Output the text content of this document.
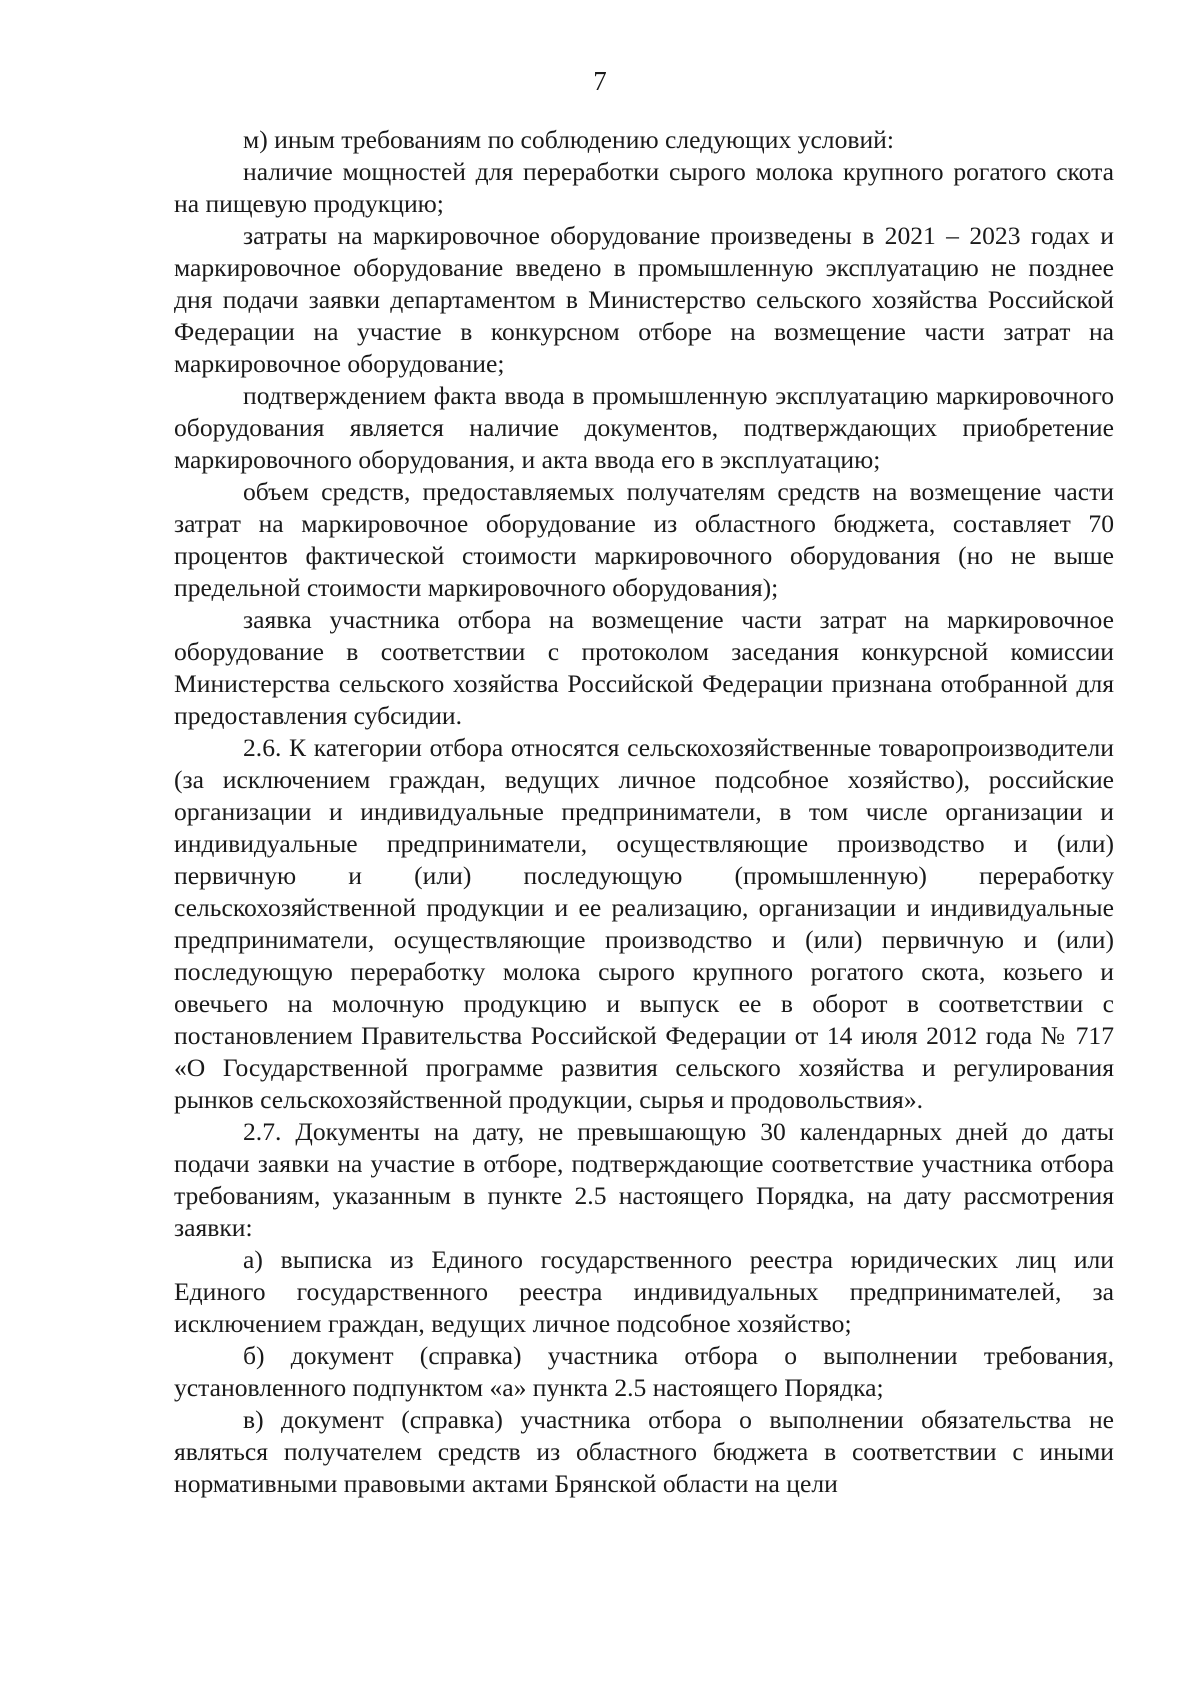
7

м) иным требованиям по соблюдению следующих условий:

наличие мощностей для переработки сырого молока крупного рогатого скота на пищевую продукцию;

затраты на маркировочное оборудование произведены в 2021 – 2023 годах и маркировочное оборудование введено в промышленную эксплуатацию не позднее дня подачи заявки департаментом в Министерство сельского хозяйства Российской Федерации на участие в конкурсном отборе на возмещение части затрат на маркировочное оборудование;

подтверждением факта ввода в промышленную эксплуатацию маркировочного оборудования является наличие документов, подтверждающих приобретение маркировочного оборудования, и акта ввода его в эксплуатацию;

объем средств, предоставляемых получателям средств на возмещение части затрат на маркировочное оборудование из областного бюджета, составляет 70 процентов фактической стоимости маркировочного оборудования (но не выше предельной стоимости маркировочного оборудования);

заявка участника отбора на возмещение части затрат на маркировочное оборудование в соответствии с протоколом заседания конкурсной комиссии Министерства сельского хозяйства Российской Федерации признана отобранной для предоставления субсидии.

2.6. К категории отбора относятся сельскохозяйственные товаропроизводители (за исключением граждан, ведущих личное подсобное хозяйство), российские организации и индивидуальные предприниматели, в том числе организации и индивидуальные предприниматели, осуществляющие производство и (или) первичную и (или) последующую (промышленную) переработку сельскохозяйственной продукции и ее реализацию, организации и индивидуальные предприниматели, осуществляющие производство и (или) первичную и (или) последующую переработку молока сырого крупного рогатого скота, козьего и овечьего на молочную продукцию и выпуск ее в оборот в соответствии с постановлением Правительства Российской Федерации от 14 июля 2012 года № 717 «О Государственной программе развития сельского хозяйства и регулирования рынков сельскохозяйственной продукции, сырья и продовольствия».

2.7. Документы на дату, не превышающую 30 календарных дней до даты подачи заявки на участие в отборе, подтверждающие соответствие участника отбора требованиям, указанным в пункте 2.5 настоящего Порядка, на дату рассмотрения заявки:

а) выписка из Единого государственного реестра юридических лиц или Единого государственного реестра индивидуальных предпринимателей, за исключением граждан, ведущих личное подсобное хозяйство;

б) документ (справка) участника отбора о выполнении требования, установленного подпунктом «а» пункта 2.5 настоящего Порядка;

в) документ (справка) участника отбора о выполнении обязательства не являться получателем средств из областного бюджета в соответствии с иными нормативными правовыми актами Брянской области на цели
